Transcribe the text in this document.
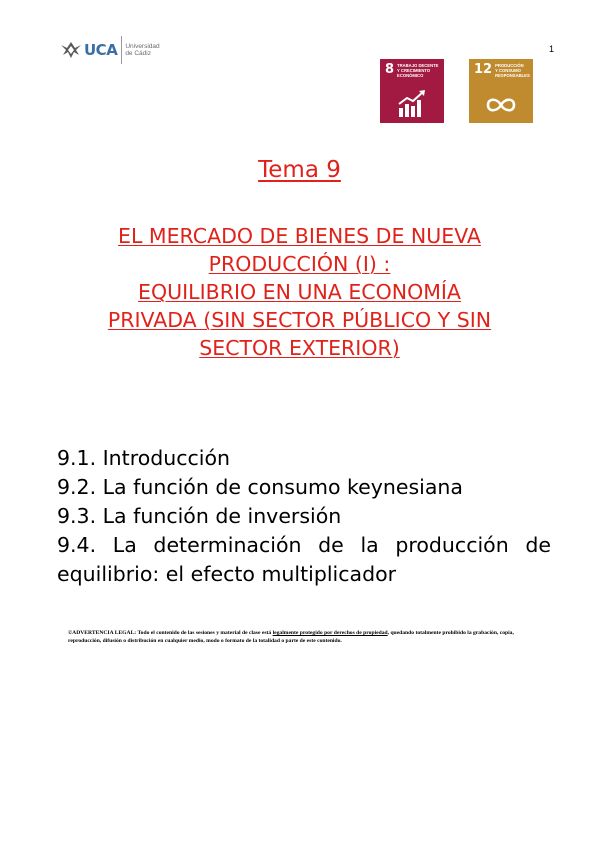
UCA Universidad
de Cádiz	1
8 TRABAJO DECENTE
Y CRECIMIENTO
ECONÓMICO	12 PRODUCCIÓN
Y CONSUMO
RESPONSABLES
Tema 9
EL MERCADO DE BIENES DE NUEVA
PRODUCCIÓN (I) :
EQUILIBRIO EN UNA ECONOMÍA
PRIVADA (SIN SECTOR PÚBLICO Y SIN
SECTOR EXTERIOR)
9.1. Introducción
9.2. La función de consumo keynesiana
9.3. La función de inversión
9.4. La determinación de la producción de equilibrio: el efecto multiplicador
©ADVERTENCIA LEGAL: Todo el contenido de las sesiones y material de clase está legalmente protegido por derechos de propiedad, quedando totalmente prohibido la grabación, copia, reproducción, difusión o distribución en cualquier medio, modo o formato de la totalidad o parte de este contenido.
